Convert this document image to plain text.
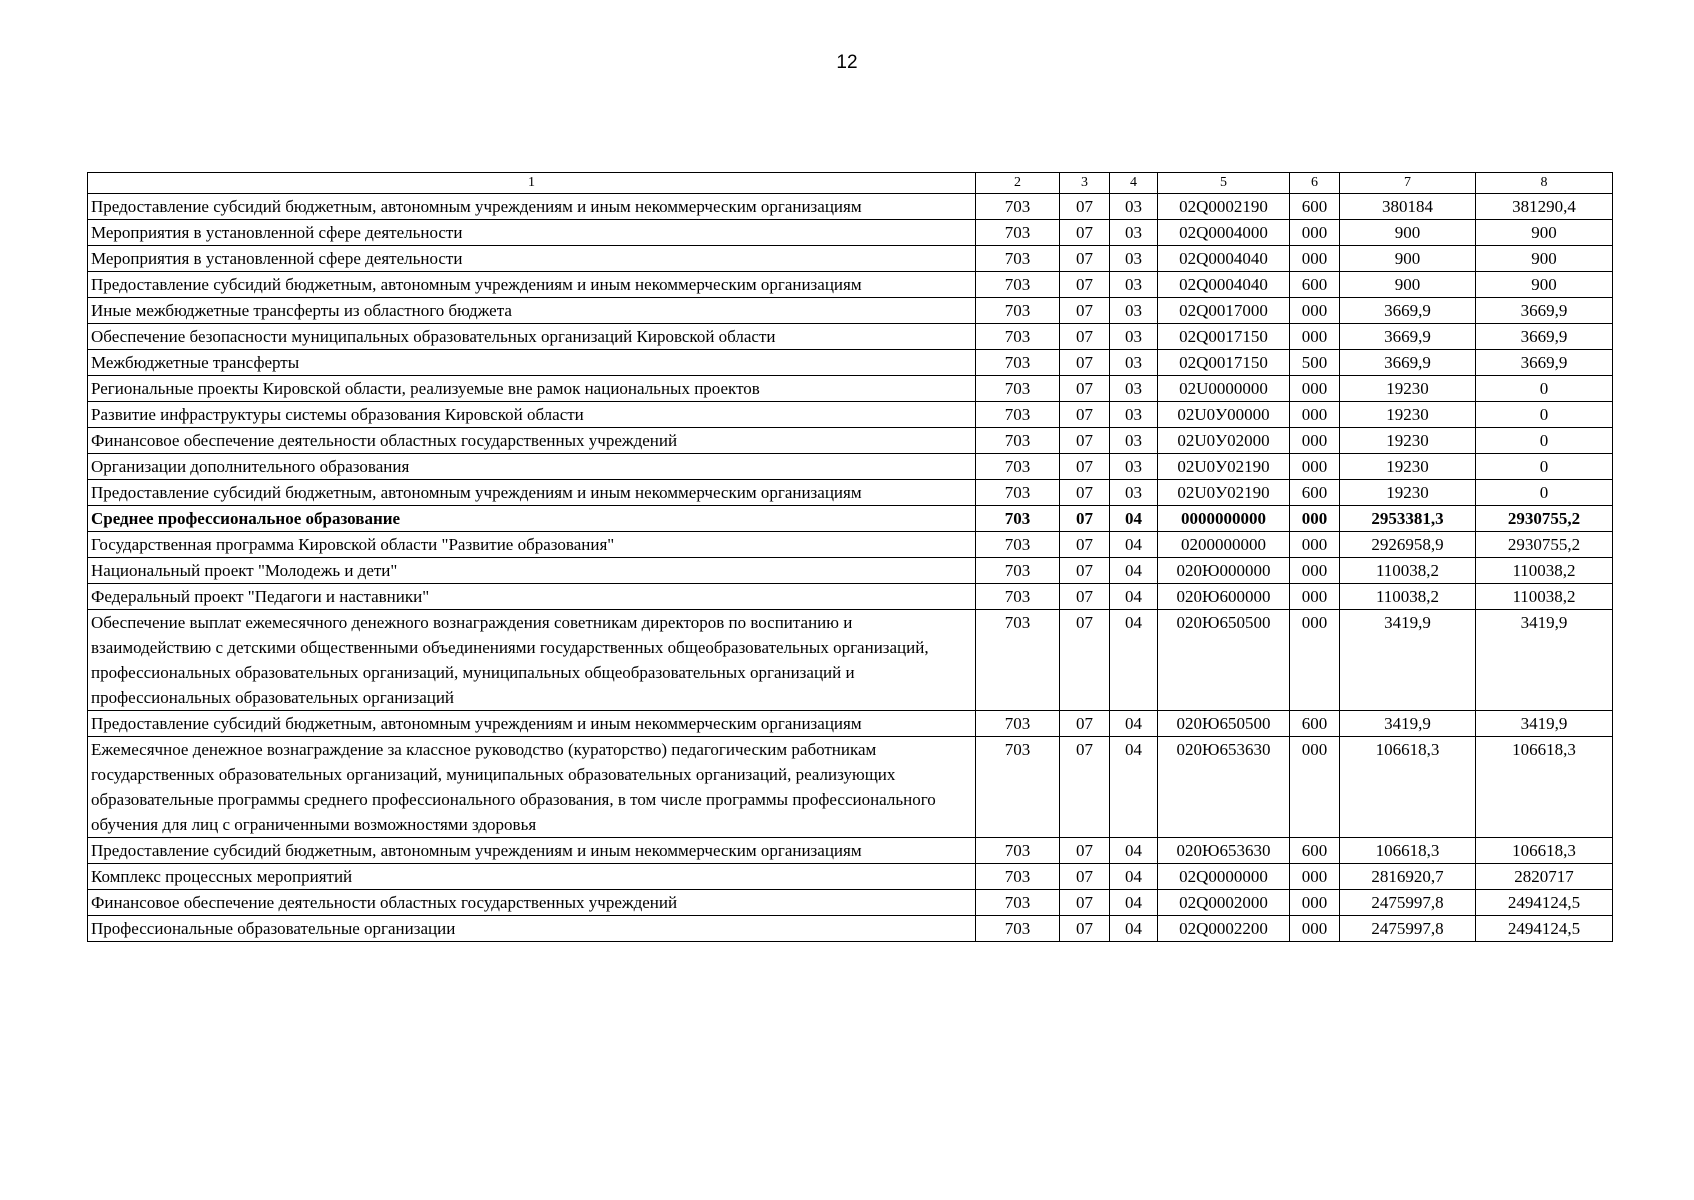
12
1	2	3	4	5	6	7	8
Предоставление субсидий бюджетным, автономным учреждениям и иным некоммерческим организациям	703	07	03	02Q0002190	600	380184	381290,4
Мероприятия в установленной сфере деятельности	703	07	03	02Q0004000	000	900	900
Мероприятия в установленной сфере деятельности	703	07	03	02Q0004040	000	900	900
Предоставление субсидий бюджетным, автономным учреждениям и иным некоммерческим организациям	703	07	03	02Q0004040	600	900	900
Иные межбюджетные трансферты из областного бюджета	703	07	03	02Q0017000	000	3669,9	3669,9
Обеспечение безопасности муниципальных образовательных организаций Кировской области	703	07	03	02Q0017150	000	3669,9	3669,9
Межбюджетные трансферты	703	07	03	02Q0017150	500	3669,9	3669,9
Региональные проекты Кировской области, реализуемые вне рамок национальных проектов	703	07	03	02U0000000	000	19230	0
Развитие инфраструктуры системы образования Кировской области	703	07	03	02U0У00000	000	19230	0
Финансовое обеспечение деятельности областных государственных учреждений	703	07	03	02U0У02000	000	19230	0
Организации дополнительного образования	703	07	03	02U0У02190	000	19230	0
Предоставление субсидий бюджетным, автономным учреждениям и иным некоммерческим организациям	703	07	03	02U0У02190	600	19230	0
Среднее профессиональное образование	703	07	04	0000000000	000	2953381,3	2930755,2
Государственная программа Кировской области "Развитие образования"	703	07	04	0200000000	000	2926958,9	2930755,2
Национальный проект "Молодежь и дети"	703	07	04	020Ю000000	000	110038,2	110038,2
Федеральный проект "Педагоги и наставники"	703	07	04	020Ю600000	000	110038,2	110038,2
Обеспечение выплат ежемесячного денежного вознаграждения советникам директоров по воспитанию и взаимодействию с детскими общественными объединениями государственных общеобразовательных организаций, профессиональных образовательных организаций, муниципальных общеобразовательных организаций и профессиональных образовательных организаций	703	07	04	020Ю650500	000	3419,9	3419,9
Предоставление субсидий бюджетным, автономным учреждениям и иным некоммерческим организациям	703	07	04	020Ю650500	600	3419,9	3419,9
Ежемесячное денежное вознаграждение за классное руководство (кураторство) педагогическим работникам государственных образовательных организаций, муниципальных образовательных организаций, реализующих образовательные программы среднего профессионального образования, в том числе программы профессионального обучения для лиц с ограниченными возможностями здоровья	703	07	04	020Ю653630	000	106618,3	106618,3
Предоставление субсидий бюджетным, автономным учреждениям и иным некоммерческим организациям	703	07	04	020Ю653630	600	106618,3	106618,3
Комплекс процессных мероприятий	703	07	04	02Q0000000	000	2816920,7	2820717
Финансовое обеспечение деятельности областных государственных учреждений	703	07	04	02Q0002000	000	2475997,8	2494124,5
Профессиональные образовательные организации	703	07	04	02Q0002200	000	2475997,8	2494124,5
